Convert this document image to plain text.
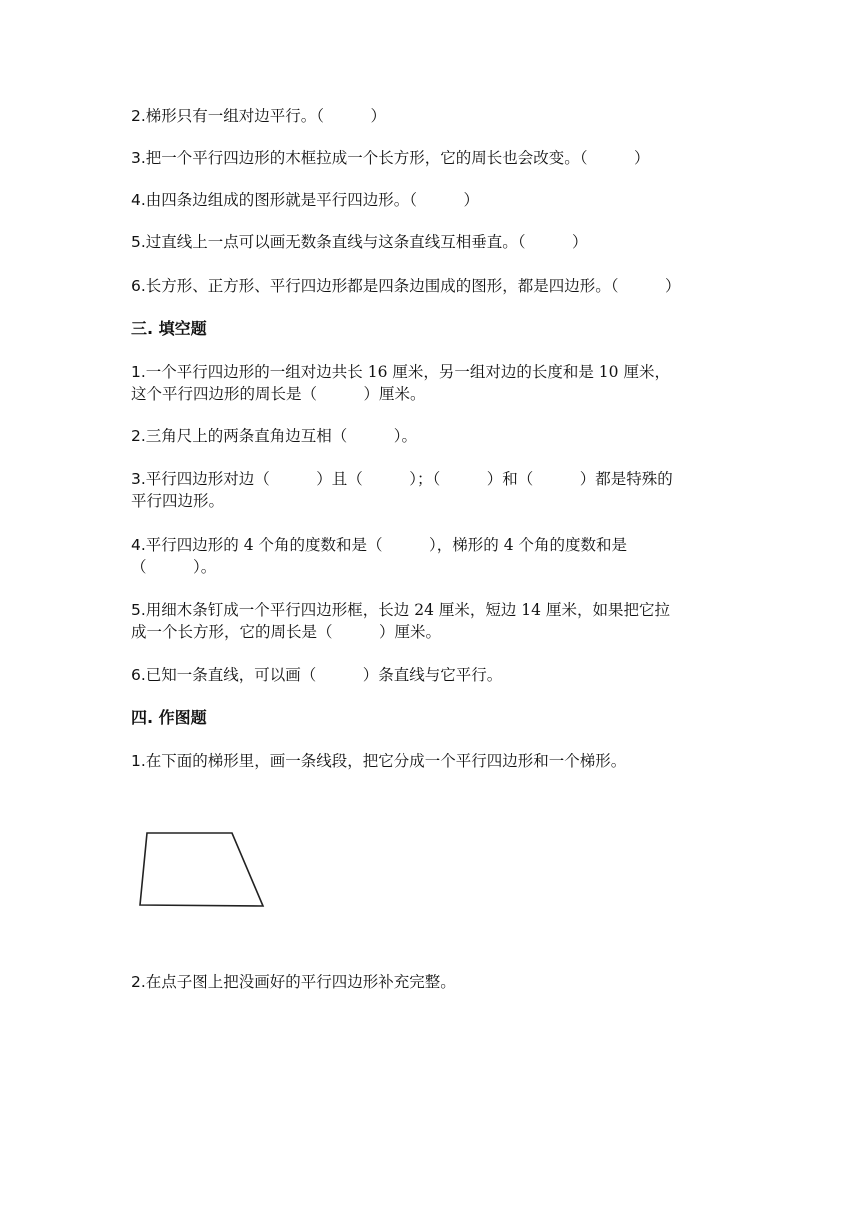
2.梯形只有一组对边平行。（　　　）
3.把一个平行四边形的木框拉成一个长方形，它的周长也会改变。（　　　）
4.由四条边组成的图形就是平行四边形。（　　　）
5.过直线上一点可以画无数条直线与这条直线互相垂直。（　　　）
6.长方形、正方形、平行四边形都是四条边围成的图形，都是四边形。（　　　）
三. 填空题
1.一个平行四边形的一组对边共长 16 厘米，另一组对边的长度和是 10 厘米，
这个平行四边形的周长是（　　　）厘米。
2.三角尺上的两条直角边互相（　　　）。
3.平行四边形对边（　　　）且（　　　）；（　　　）和（　　　）都是特殊的
平行四边形。
4.平行四边形的 4 个角的度数和是（　　　），梯形的 4 个角的度数和是
（　　　）。
5.用细木条钉成一个平行四边形框，长边 24 厘米，短边 14 厘米，如果把它拉
成一个长方形，它的周长是（　　　）厘米。
6.已知一条直线，可以画（　　　）条直线与它平行。
四. 作图题
1.在下面的梯形里，画一条线段，把它分成一个平行四边形和一个梯形。
2.在点子图上把没画好的平行四边形补充完整。
